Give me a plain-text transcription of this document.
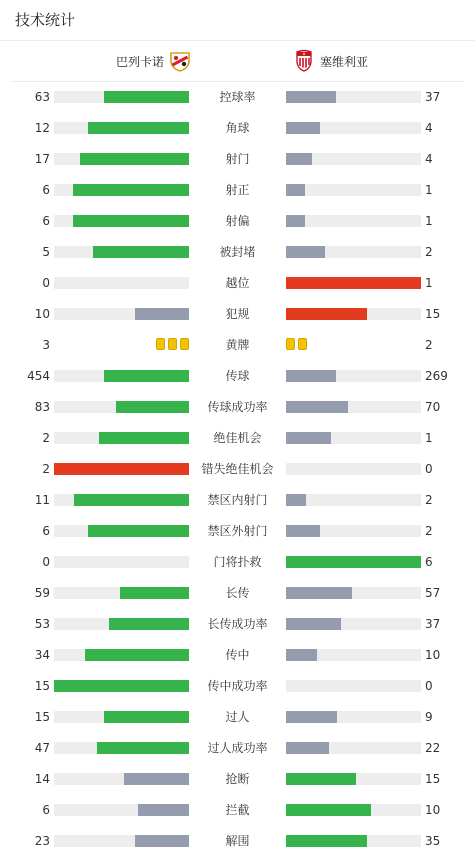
技术统计
巴列卡诺	塞维利亚
63	控球率	37
12	角球	4
17	射门	4
6	射正	1
6	射偏	1
5	被封堵	2
0	越位	1
10	犯规	15
3	黄牌	2
454	传球	269
83	传球成功率	70
2	绝佳机会	1
2	错失绝佳机会	0
11	禁区内射门	2
6	禁区外射门	2
0	门将扑救	6
59	长传	57
53	长传成功率	37
34	传中	10
15	传中成功率	0
15	过人	9
47	过人成功率	22
14	抢断	15
6	拦截	10
23	解围	35
